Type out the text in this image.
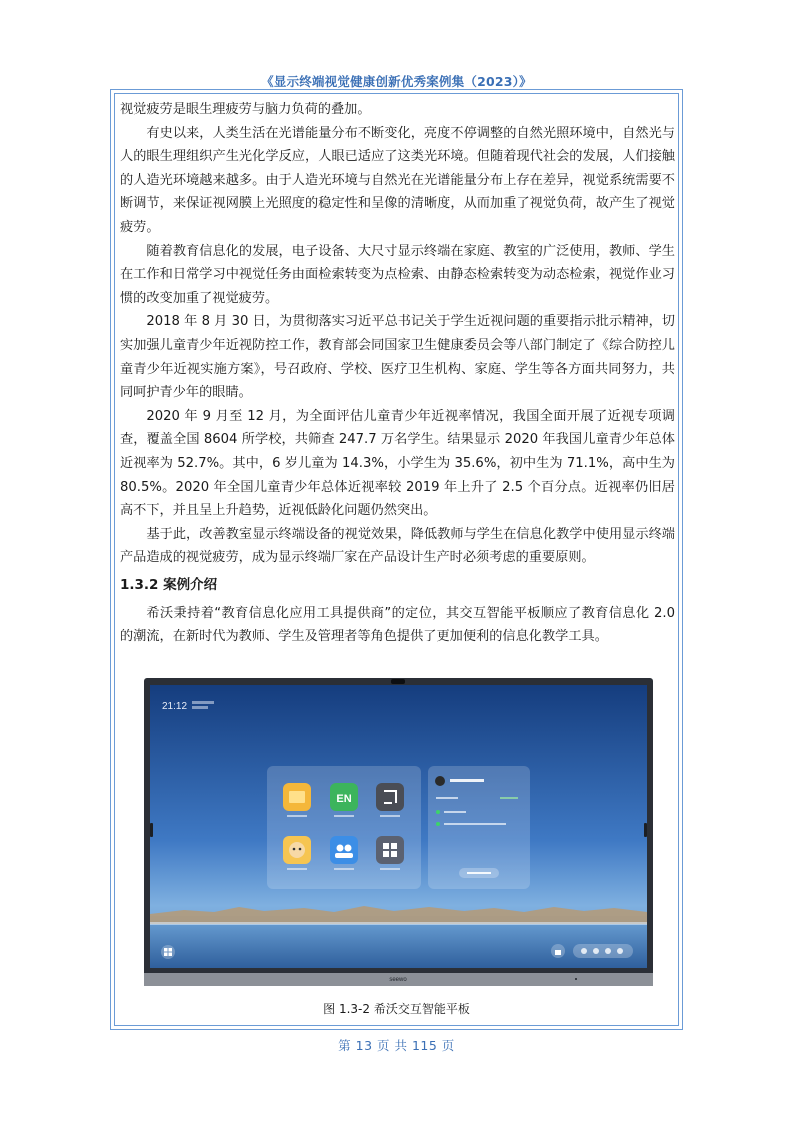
《显示终端视觉健康创新优秀案例集（2023）》

视觉疲劳是眼生理疲劳与脑力负荷的叠加。

有史以来，人类生活在光谱能量分布不断变化，亮度不停调整的自然光照环境中，自然光与人的眼生理组织产生光化学反应，人眼已适应了这类光环境。但随着现代社会的发展，人们接触的人造光环境越来越多。由于人造光环境与自然光在光谱能量分布上存在差异，视觉系统需要不断调节，来保证视网膜上光照度的稳定性和呈像的清晰度，从而加重了视觉负荷，故产生了视觉疲劳。

随着教育信息化的发展，电子设备、大尺寸显示终端在家庭、教室的广泛使用，教师、学生在工作和日常学习中视觉任务由面检索转变为点检索、由静态检索转变为动态检索，视觉作业习惯的改变加重了视觉疲劳。

2018 年 8 月 30 日，为贯彻落实习近平总书记关于学生近视问题的重要指示批示精神，切实加强儿童青少年近视防控工作，教育部会同国家卫生健康委员会等八部门制定了《综合防控儿童青少年近视实施方案》，号召政府、学校、医疗卫生机构、家庭、学生等各方面共同努力，共同呵护青少年的眼睛。

2020 年 9 月至 12 月，为全面评估儿童青少年近视率情况，我国全面开展了近视专项调查，覆盖全国 8604 所学校，共筛查 247.7 万名学生。结果显示 2020 年我国儿童青少年总体近视率为 52.7%。其中，6 岁儿童为 14.3%，小学生为 35.6%，初中生为 71.1%，高中生为 80.5%。2020 年全国儿童青少年总体近视率较 2019 年上升了 2.5 个百分点。近视率仍旧居高不下，并且呈上升趋势，近视低龄化问题仍然突出。

基于此，改善教室显示终端设备的视觉效果，降低教师与学生在信息化教学中使用显示终端产品造成的视觉疲劳，成为显示终端厂家在产品设计生产时必须考虑的重要原则。

1.3.2 案例介绍

希沃秉持着“教育信息化应用工具提供商”的定位，其交互智能平板顺应了教育信息化 2.0 的潮流，在新时代为教师、学生及管理者等角色提供了更加便利的信息化教学工具。

21:12
EN
seewo
图 1.3-2 希沃交互智能平板
第 13 页 共 115 页
